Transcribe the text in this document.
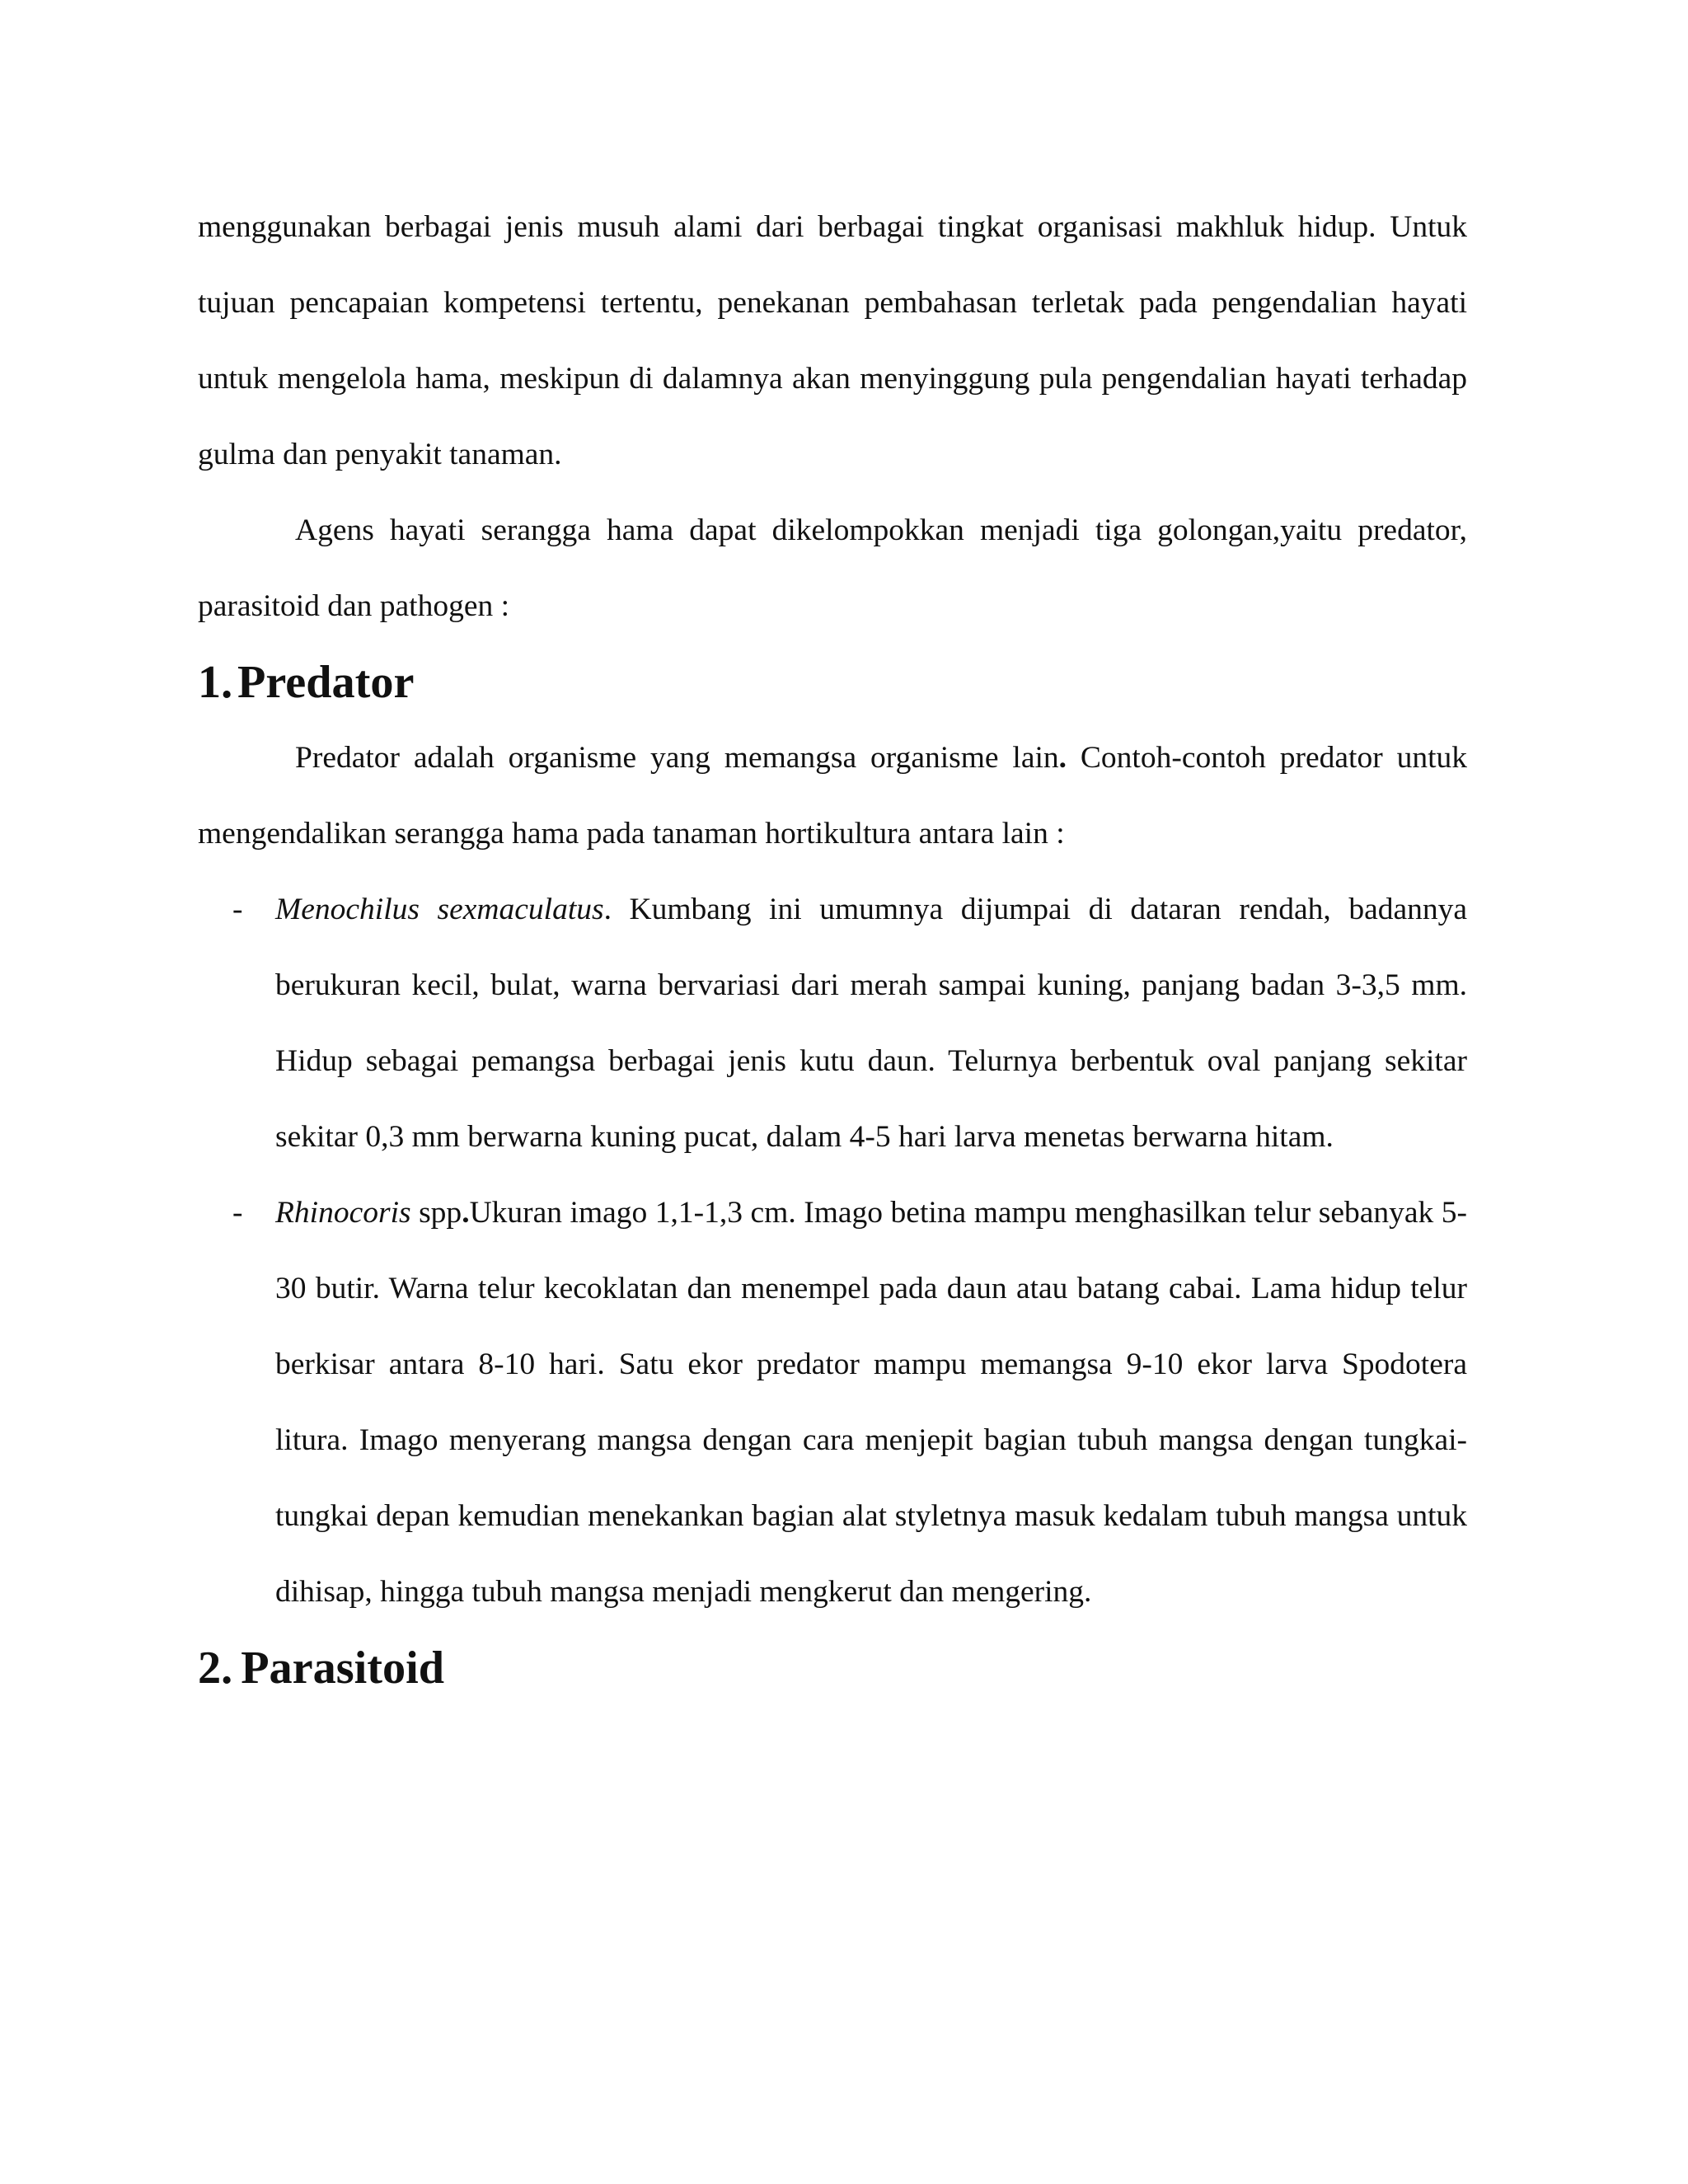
menggunakan berbagai jenis musuh alami dari berbagai tingkat organisasi makhluk hidup. Untuk tujuan pencapaian kompetensi tertentu, penekanan pembahasan terletak pada pengendalian hayati untuk mengelola hama, meskipun di dalamnya akan menyinggung pula pengendalian hayati terhadap gulma dan penyakit tanaman.

Agens hayati serangga hama dapat dikelompokkan menjadi tiga golongan,yaitu predator, parasitoid dan pathogen :

1. Predator

Predator adalah organisme yang memangsa organisme lain. Contoh-contoh predator untuk mengendalikan serangga hama pada tanaman hortikultura antara lain :

- Menochilus sexmaculatus. Kumbang ini umumnya dijumpai di dataran rendah, badannya berukuran kecil, bulat, warna bervariasi dari merah sampai kuning, panjang badan 3-3,5 mm. Hidup sebagai pemangsa berbagai jenis kutu daun. Telurnya berbentuk oval panjang sekitar sekitar 0,3 mm berwarna kuning pucat, dalam 4-5 hari larva menetas berwarna hitam.
- Rhinocoris spp.Ukuran imago 1,1-1,3 cm. Imago betina mampu menghasilkan telur sebanyak 5-30 butir. Warna telur kecoklatan dan menempel pada daun atau batang cabai. Lama hidup telur berkisar antara 8-10 hari. Satu ekor predator mampu memangsa 9-10 ekor larva Spodotera litura. Imago menyerang mangsa dengan cara menjepit bagian tubuh mangsa dengan tungkai-tungkai depan kemudian menekankan bagian alat styletnya masuk kedalam tubuh mangsa untuk dihisap, hingga tubuh mangsa menjadi mengkerut dan mengering.
2. Parasitoid
